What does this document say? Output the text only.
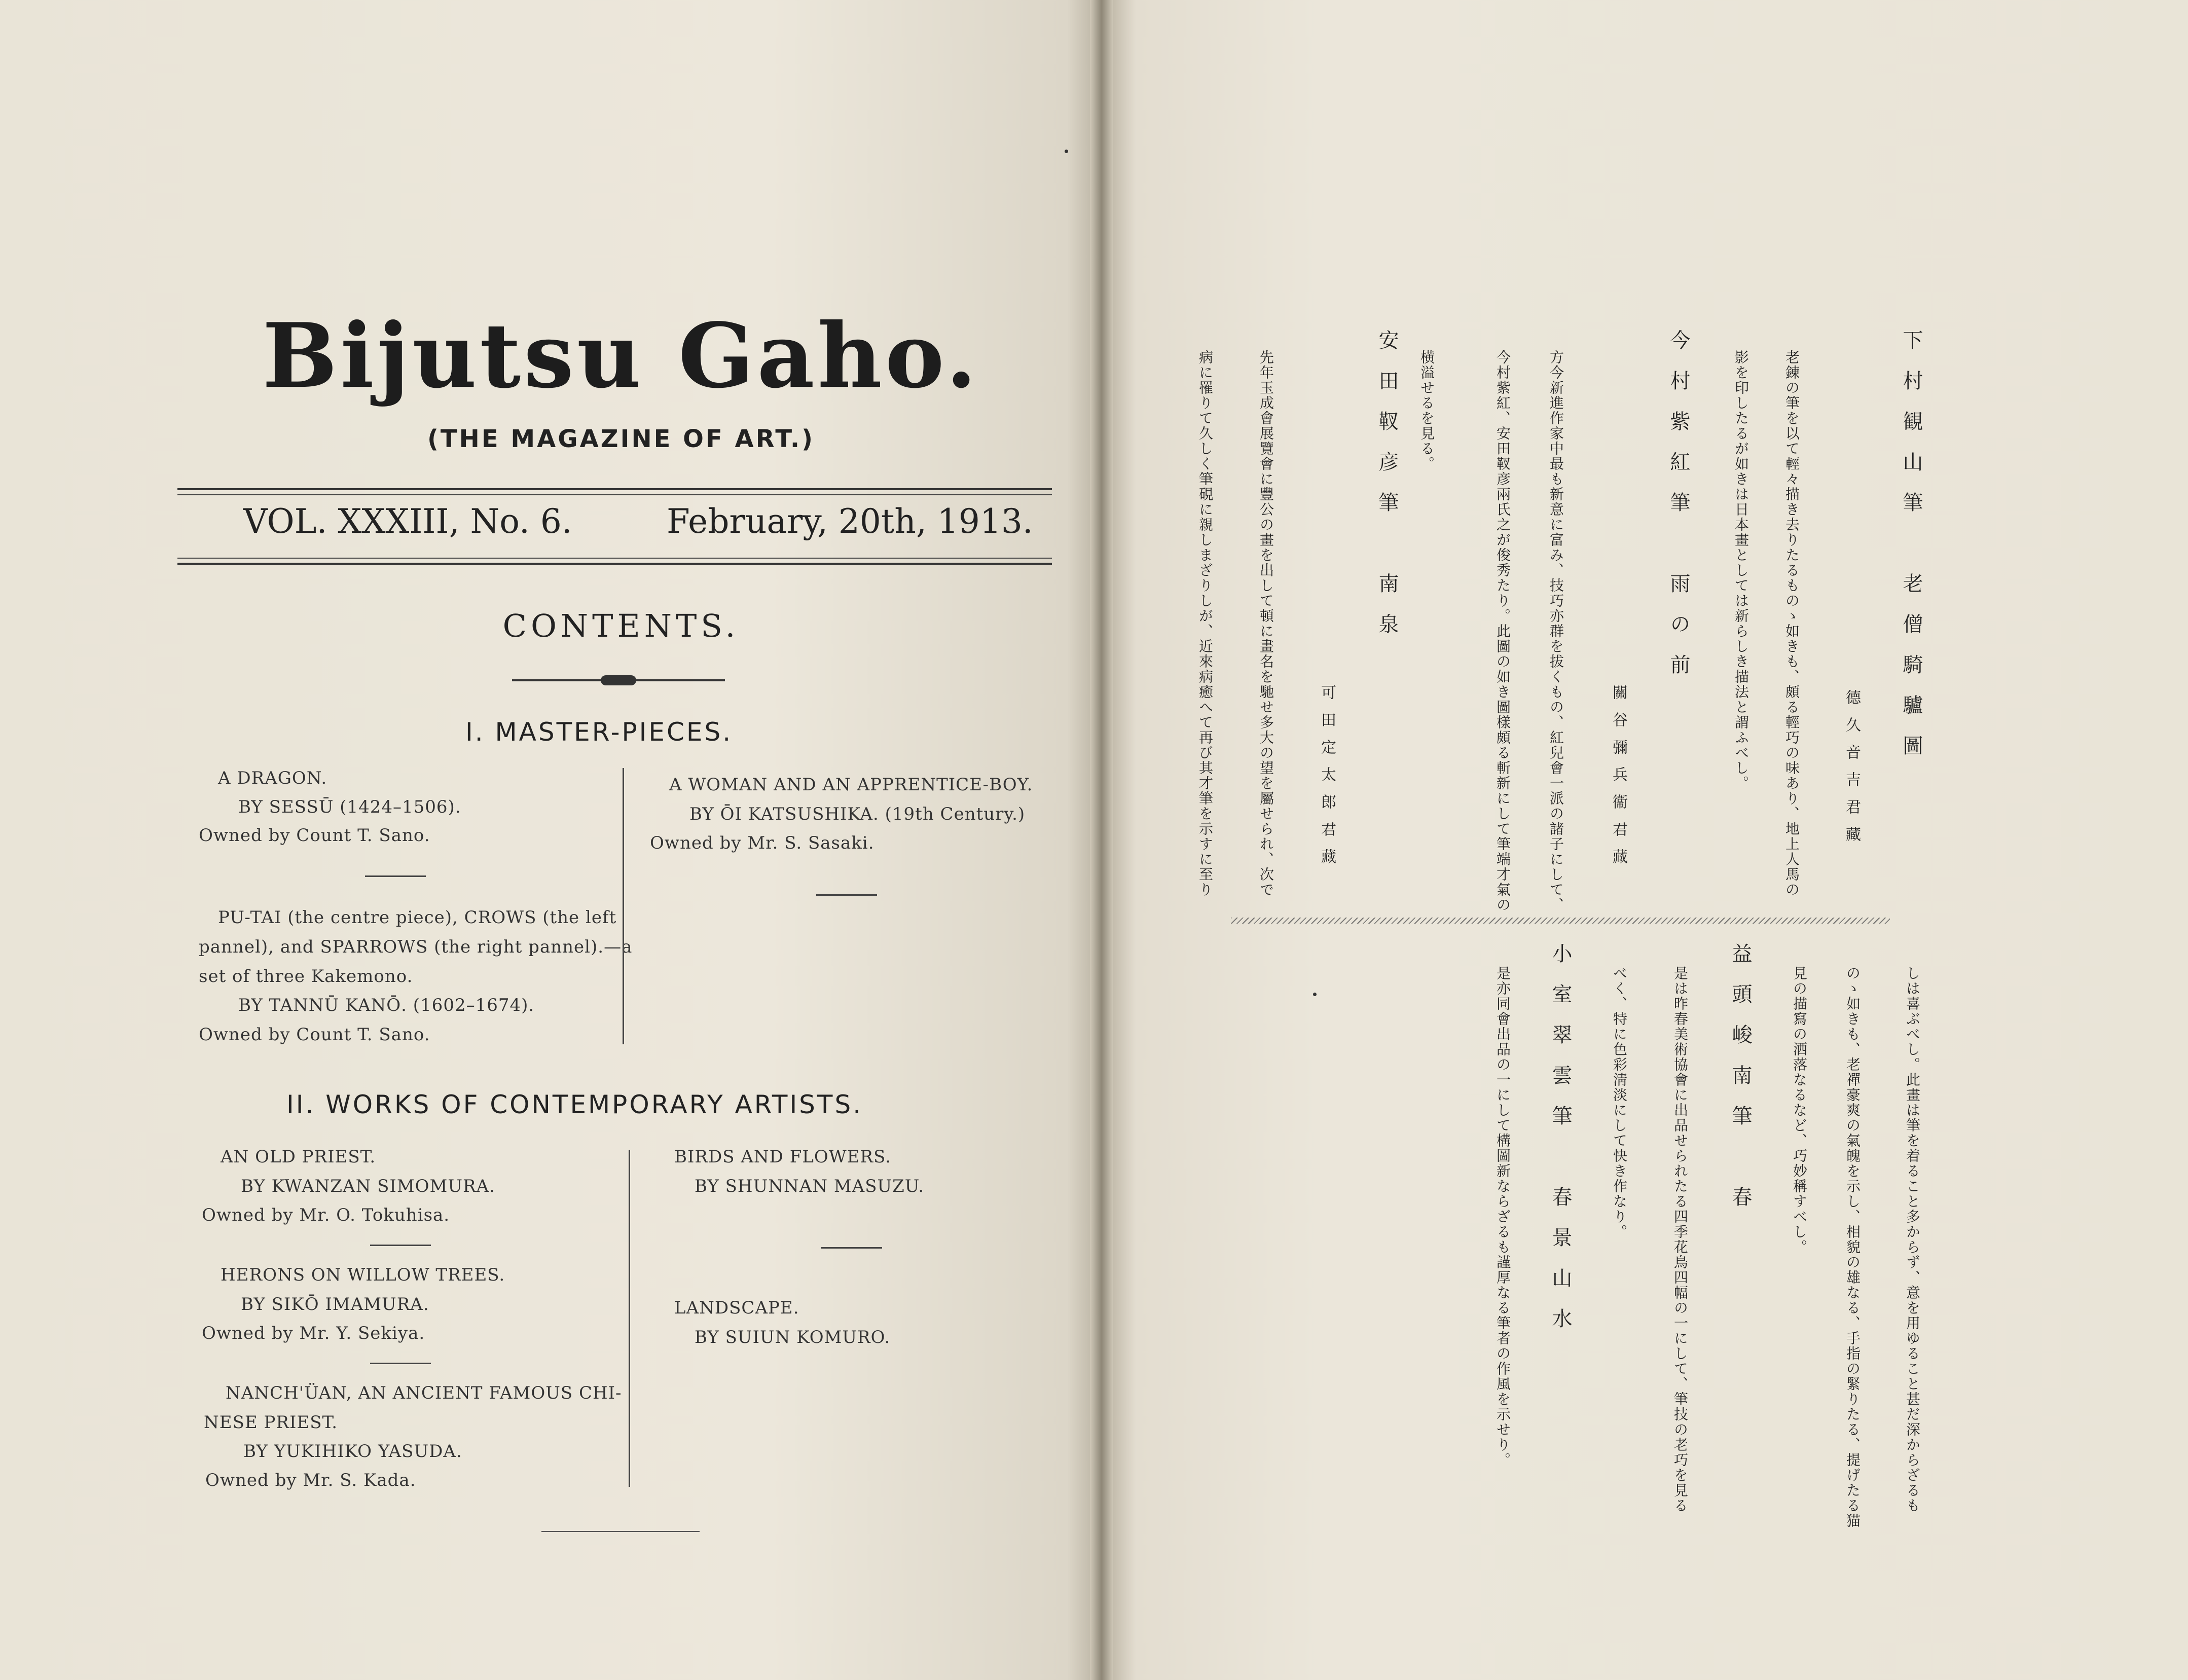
Bijutsu Gaho.
(THE MAGAZINE OF ART.)
VOL. XXXIII, No. 6.	February, 20th, 1913.
CONTENTS.
I. MASTER-PIECES.
A DRAGON.
BY SESSŪ (1424–1506).
Owned by Count T. Sano.
PU-TAI (the centre piece), CROWS (the left
pannel), and SPARROWS (the right pannel).—a
set of three Kakemono.
BY TANNŪ KANŌ. (1602–1674).
Owned by Count T. Sano.
A WOMAN AND AN APPRENTICE-BOY.
BY ŌI KATSUSHIKA. (19th Century.)
Owned by Mr. S. Sasaki.
II. WORKS OF CONTEMPORARY ARTISTS.
AN OLD PRIEST.
BY KWANZAN SIMOMURA.
Owned by Mr. O. Tokuhisa.
HERONS ON WILLOW TREES.
BY SIKŌ IMAMURA.
Owned by Mr. Y. Sekiya.
NANCH'ÜAN, AN ANCIENT FAMOUS CHI-
NESE PRIEST.
BY YUKIHIKO YASUDA.
Owned by Mr. S. Kada.
BIRDS AND FLOWERS.
BY SHUNNAN MASUZU.
LANDSCAPE.
BY SUIUN KOMURO.
下村観山筆　老僧騎驢圖
德久音吉君藏
老錬の筆を以て輕々描き去りたるものゝ如きも、頗る輕巧の味あり、地上人馬の
影を印したるが如きは日本畫としては新らしき描法と謂ふべし。
今村紫紅筆　雨の前
關谷彌兵衞君藏
方今新進作家中最も新意に富み、技巧亦群を拔くもの、紅兒會一派の諸子にして、
今村紫紅、安田靫彦兩氏之が俊秀たり。此圖の如き圖樣頗る斬新にして筆端才氣の
横溢せるを見る。
安田靫彦筆　南泉
可田定太郎君藏
先年玉成會展覽會に豐公の畫を出して頓に畫名を馳せ多大の望を屬せられ、次で
病に罹りて久しく筆硯に親しまざりしが、近來病癒へて再び其才筆を示すに至り
しは喜ぶべし。此畫は筆を着ること多からず、意を用ゆること甚だ深からざるも
のゝ如きも、老禪豪爽の氣魄を示し、相貌の雄なる、手指の緊りたる、提げたる猫
見の描寫の洒落なるなど、巧妙稱すべし。
益頭峻南筆　春
是は昨春美術協會に出品せられたる四季花鳥四幅の一にして、筆技の老巧を見る
べく、特に色彩淸淡にして快き作なり。
小室翠雲筆　春景山水
是亦同會出品の一にして構圖新ならざるも謹厚なる筆者の作風を示せり。
